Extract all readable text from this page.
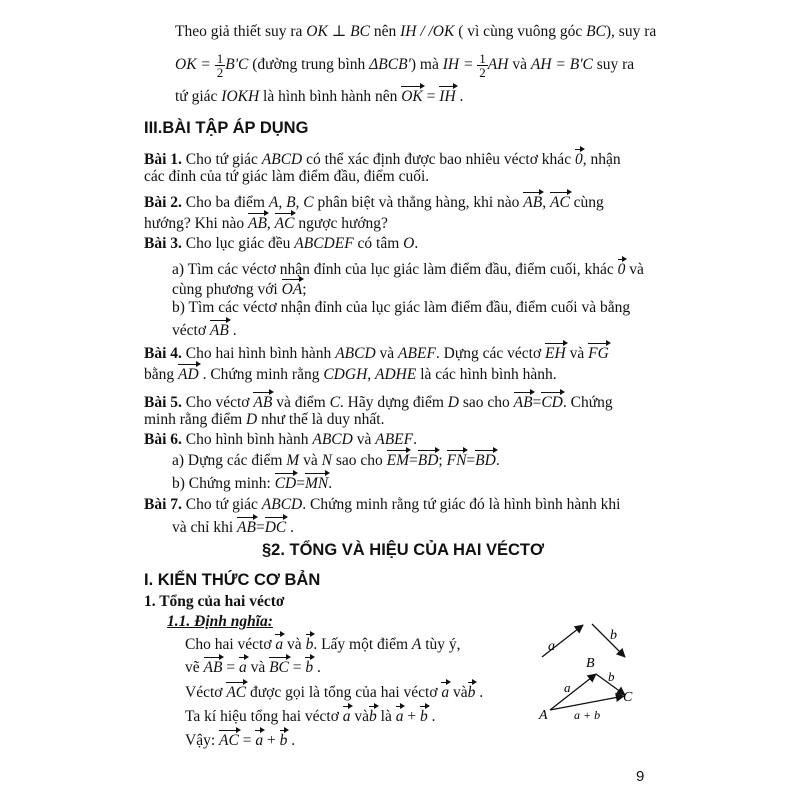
Theo giả thiết suy ra OK ⊥ BC nên IH / /OK ( vì cùng vuông góc BC), suy ra
OK = $\frac{1}{2} B'C$ (đường trung bình ΔBCB') mà IH = $\frac{1}{2}$ AH và AH = B'C suy ra
tứ giác IOKH là hình bình hành nên OK = IH .
III.BÀI TẬP ÁP DỤNG
Bài 1. Cho tứ giác ABCD có thể xác định được bao nhiêu véctơ khác 0, nhận
các đỉnh của tứ giác làm điểm đầu, điểm cuối.
Bài 2. Cho ba điểm A, B, C phân biệt và thẳng hàng, khi nào AB, AC cùng
hướng? Khi nào AB, AC ngược hướng?
Bài 3. Cho lục giác đều ABCDEF có tâm O.
a) Tìm các véctơ nhận đỉnh của lục giác làm điểm đầu, điểm cuối, khác 0 và
cùng phương với OA;
b) Tìm các véctơ nhận đỉnh của lục giác làm điểm đầu, điểm cuối và bằng
véctơ AB .
Bài 4. Cho hai hình bình hành ABCD và ABEF. Dựng các véctơ EH và FG
bằng AD . Chứng minh rằng CDGH, ADHE là các hình bình hành.
Bài 5. Cho véctơ AB và điểm C. Hãy dựng điểm D sao cho AB=CD. Chứng
minh rằng điểm D như thế là duy nhất.
Bài 6. Cho hình bình hành ABCD và ABEF.
a) Dựng các điểm M và N sao cho EM=BD; FN=BD.
b) Chứng minh: CD=MN.
Bài 7. Cho tứ giác ABCD. Chứng minh rằng tứ giác đó là hình bình hành khi
và chỉ khi AB=DC .
§2. TỔNG VÀ HIỆU CỦA HAI VÉCTƠ
I. KIẾN THỨC CƠ BẢN
1. Tổng của hai véctơ
1.1. Định nghĩa:
Cho hai véctơ a và b. Lấy một điểm A tùy ý,
vẽ AB = a và BC = b .
Véctơ AC được gọi là tổng của hai véctơ a vàb .
Ta kí hiệu tổng hai véctơ a vàb là a + b .
Vậy: AC = a + b .
a
b
A
B
C
a
b
a + b
9
